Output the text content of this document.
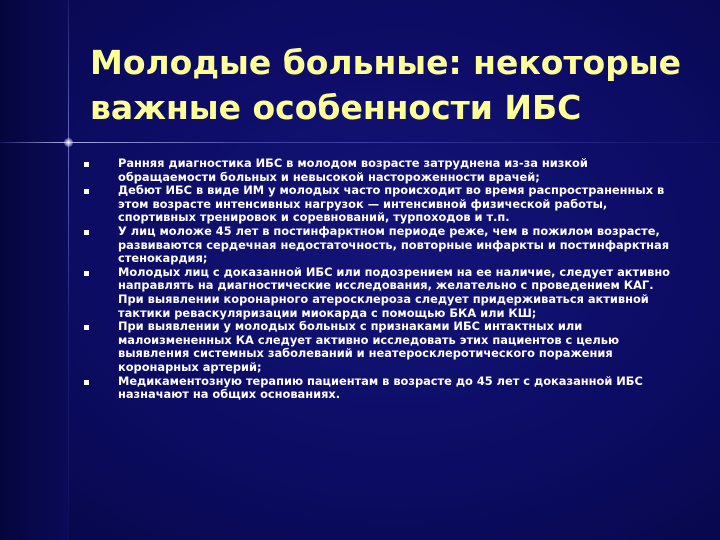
Молодые больные: некоторые
важные особенности ИБС
Ранняя диагностика ИБС в молодом возрасте затруднена из-за низкой обращаемости больных и невысокой настороженности врачей;
Дебют ИБС в виде ИМ у молодых часто происходит во время распространенных в этом возрасте интенсивных нагрузок — интенсивной физической работы, спортивных тренировок и соревнований, турпоходов и т.п.
У лиц моложе 45 лет в постинфарктном периоде реже, чем в пожилом возрасте, развиваются сердечная недостаточность, повторные инфаркты и постинфарктная стенокардия;
Молодых лиц с доказанной ИБС или подозрением на ее наличие, следует активно направлять на диагностические исследования, желательно с проведением КАГ. При выявлении коронарного атеросклероза следует придерживаться активной тактики реваскуляризации миокарда с помощью БКА или КШ;
При выявлении у молодых больных с признаками ИБС интактных или малоизмененных КА следует активно исследовать этих пациентов с целью выявления системных заболеваний и неатеросклеротического поражения коронарных артерий;
Медикаментозную терапию пациентам в возрасте до 45 лет с доказанной ИБС назначают на общих основаниях.
